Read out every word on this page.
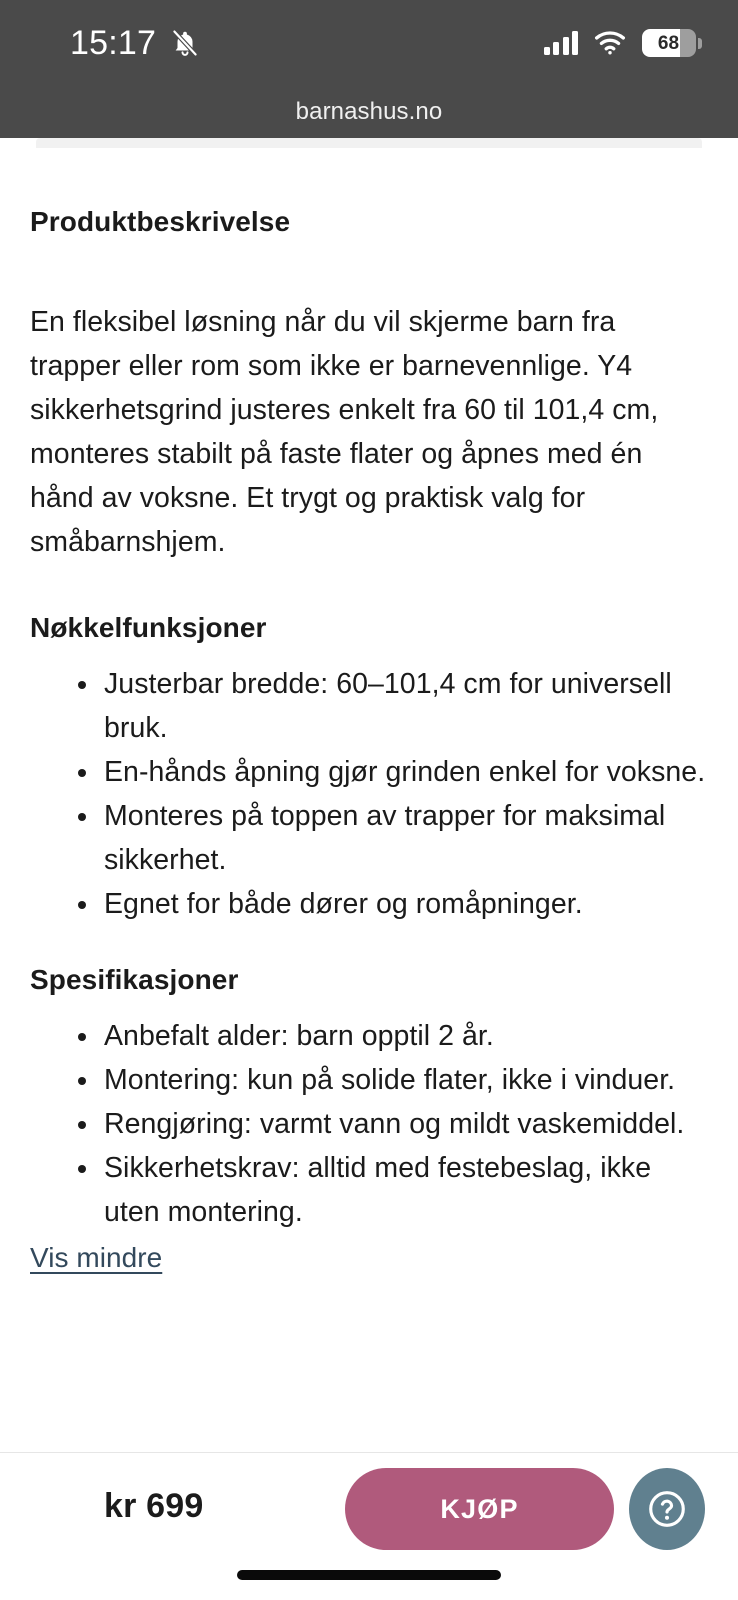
15:17	68
barnashus.no
Produktbeskrivelse

En fleksibel løsning når du vil skjerme barn fra trapper eller rom som ikke er barnevennlige. Y4 sikkerhetsgrind justeres enkelt fra 60 til 101,4 cm, monteres stabilt på faste flater og åpnes med én hånd av voksne. Et trygt og praktisk valg for småbarnshjem.

Nøkkelfunksjoner
Justerbar bredde: 60–101,4 cm for universell bruk.
En-hånds åpning gjør grinden enkel for voksne.
Monteres på toppen av trapper for maksimal sikkerhet.
Egnet for både dører og romåpninger.
Spesifikasjoner
Anbefalt alder: barn opptil 2 år.
Montering: kun på solide flater, ikke i vinduer.
Rengjøring: varmt vann og mildt vaskemiddel.
Sikkerhetskrav: alltid med festebeslag, ikke uten montering.
Vis mindre
kr 699	KJØP
